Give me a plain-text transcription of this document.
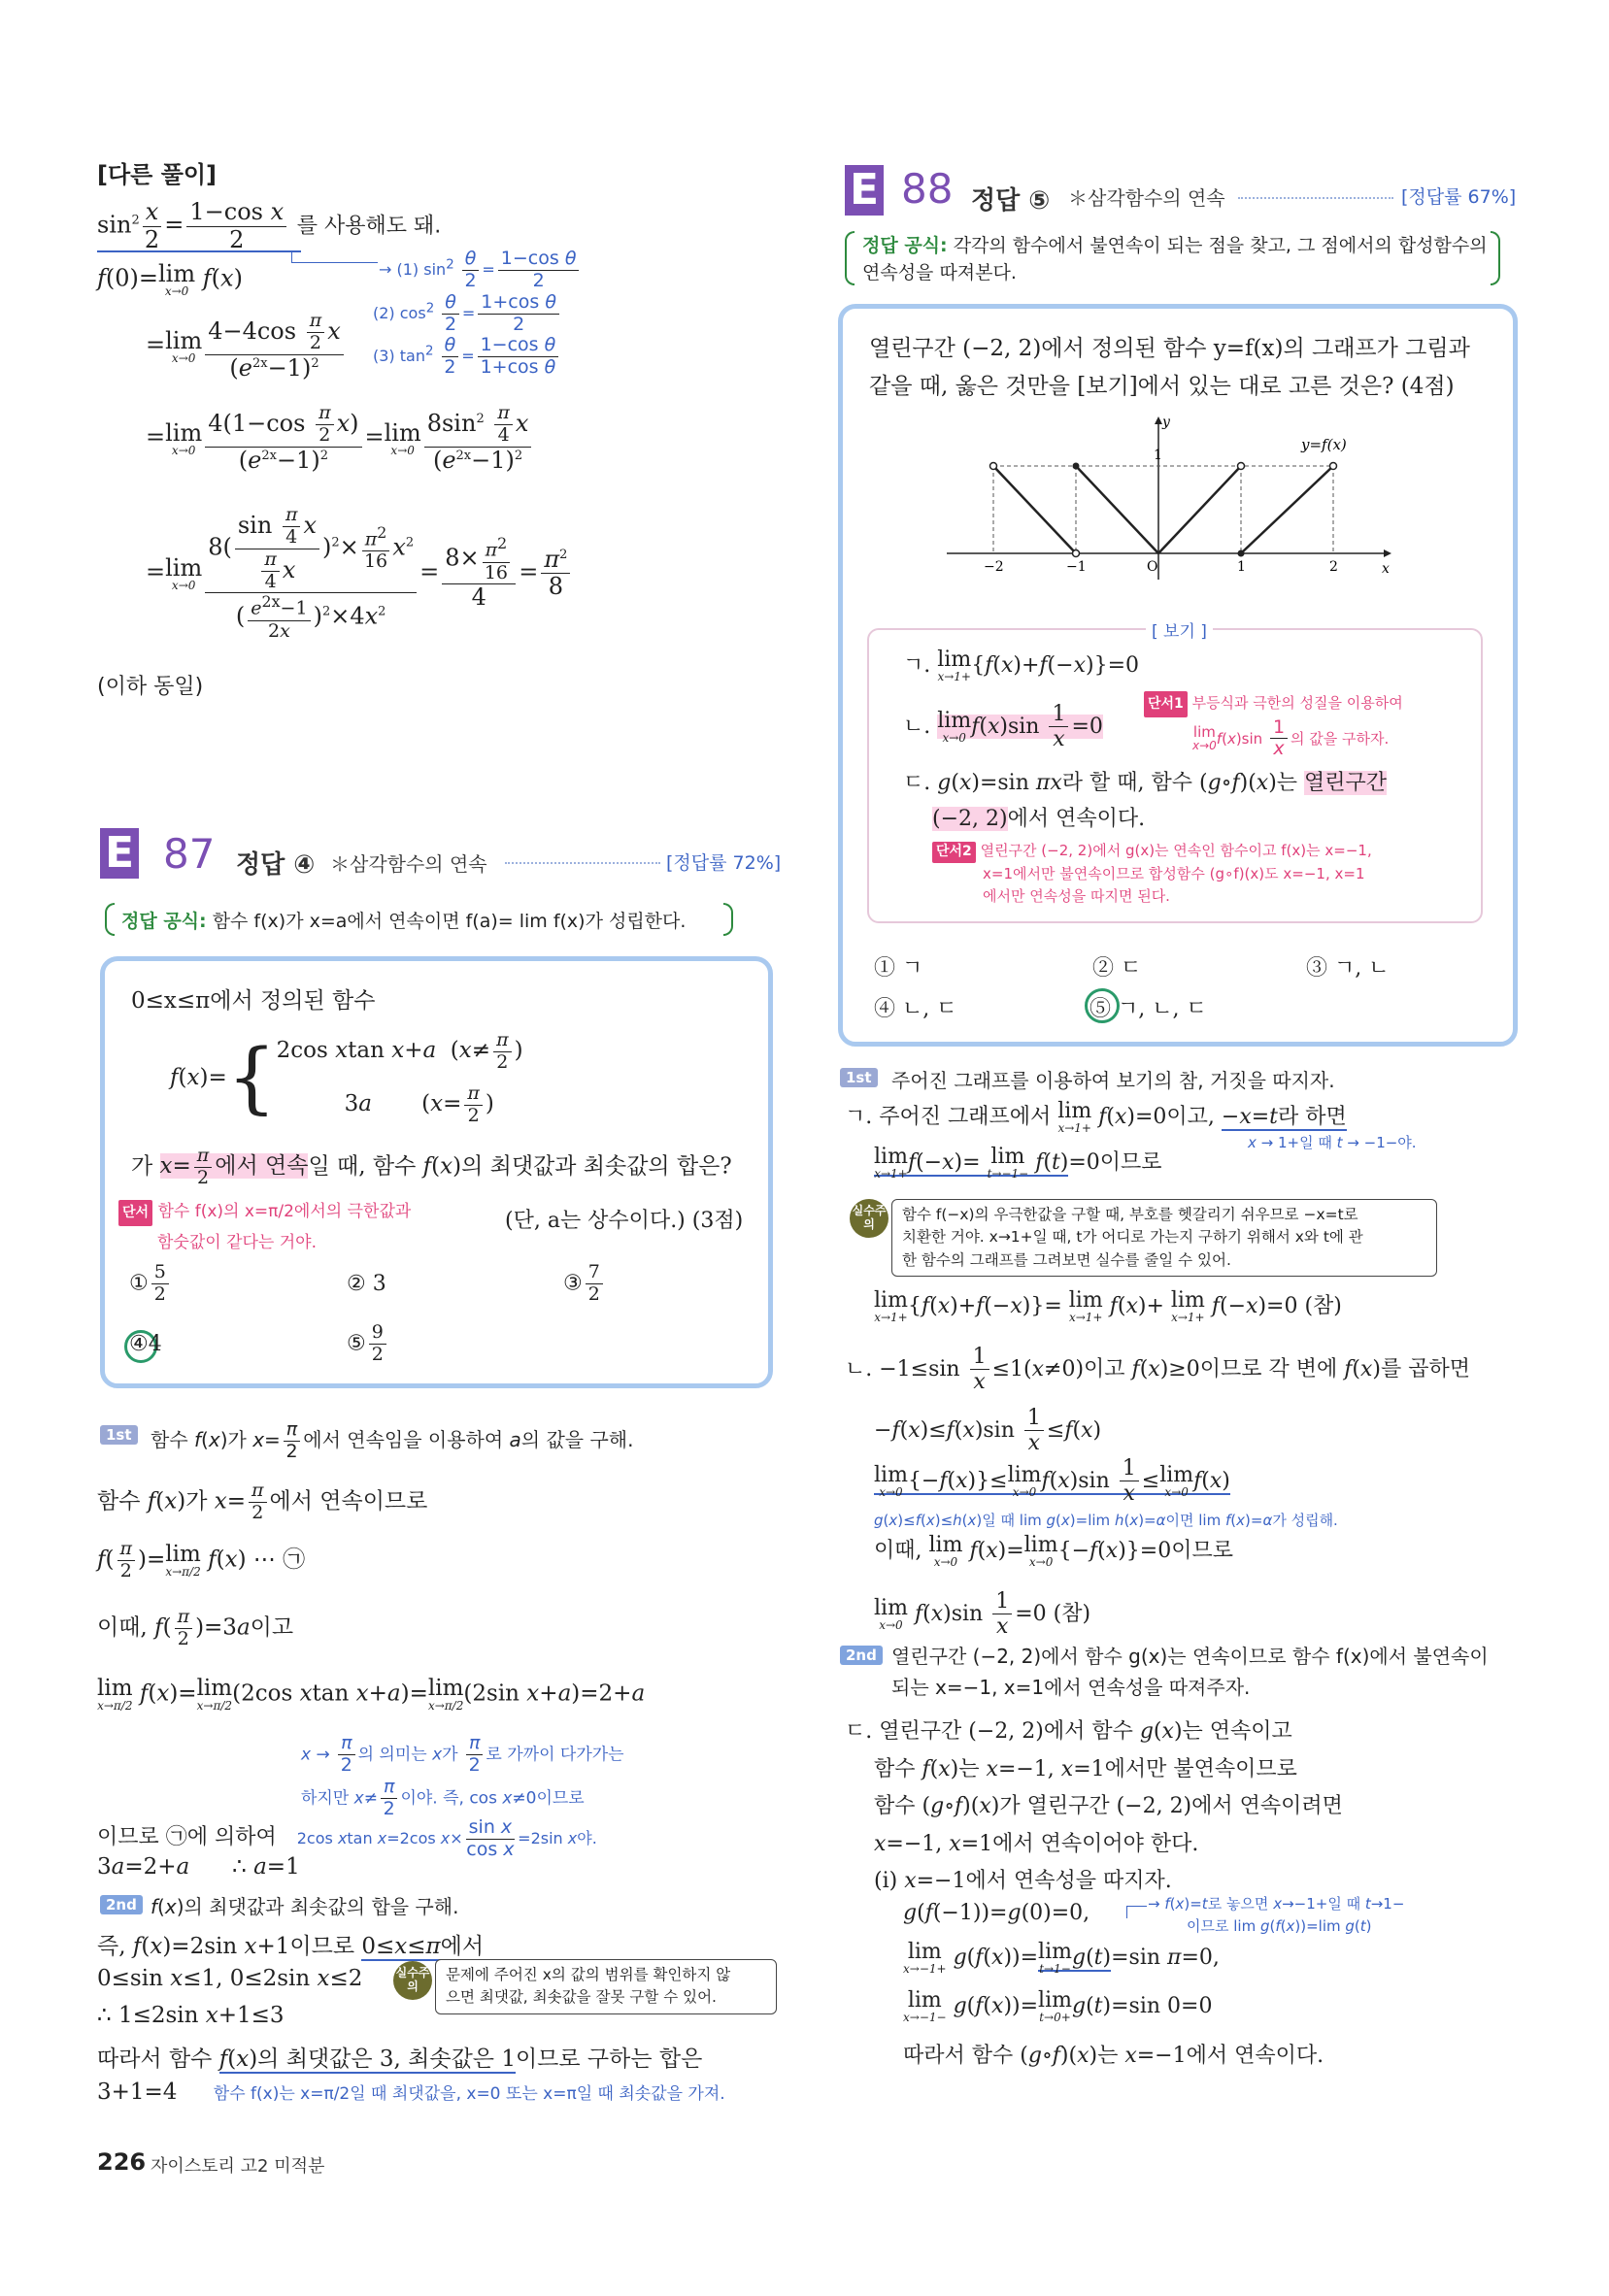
[다른 풀이]
$\sin^2 \frac{x}{2} = \frac{\text{1−cos x}}{2}$ 를 사용해도 돼.
→ (1) $\sin^2 \frac{\theta}{2} = \frac{\text{1−cos θ}}{2}$
(2) $\cos^2 \frac{\theta}{2} = \frac{\text{1+cos θ}}{2}$
(3) $\tan^2 \frac{\theta}{2} = \frac{\text{1−cos θ}}{\text{1+cos θ}}$
f(0)=lim
x→0 f(x)
=lim
$x\to 0 \frac{4-4\cos \frac{\pi}{2} x}{(e^{2x}-1)^2}$
=lim
$x\to 0 \frac{4(1-\cos \frac{\pi}{2} x)}{(e^{2x}-1)^2} =\lim$
$x\to 0 \frac{8\sin^2 \frac{\pi}{4} x}{(e^{2x}-1)^2}$
=lim
$x\to 0 \frac{8( \frac{\sin \frac{\pi}{4} x}{\frac{\pi}{4} x} )^2\times \frac{\pi^2}{16} x^2}{( \frac{e^{2x}-1}{2x} )^2\times 4x^2} = \frac{8\times \frac{\pi^2}{16}}{4} = \frac{\pi^2}{8}$
(이하 동일)
E 87 정답 ④ ＊삼각함수의 연속	[정답률 72%]
정답 공식: 함수 f(x)가 x=a에서 연속이면 f(a)= lim f(x)가 성립한다.
0≤x≤π에서 정의된 함수
f(x)={ 2cos xtan x+a  ($x\ne \frac{\pi}{2}$ )
3a       ($x= \frac{\pi}{2}$ )
가 $x= \frac{\pi}{2}$ 에서 연속일 때, 함수 f(x)의 최댓값과 최솟값의 합은?
단서 함수 f(x)의 x=π/2에서의 극한값과
함숫값이 같다는 거야.
(단, a는 상수이다.) (3점)
① $\frac{5}{2}$	② 3	③ $\frac{7}{2}$
④4	⑤ $\frac{9}{2}$
1st 함수 f(x)가 $x= \frac{\pi}{2}$ 에서 연속임을 이용하여 a의 값을 구해.
함수 f(x)가 $x= \frac{\pi}{2}$ 에서 연속이므로
$f( \frac{\pi}{2} )=\lim$
x→π/2 f(x) ⋯ ㉠
이때, $f( \frac{\pi}{2} )=3a$이고
lim
x→π/2 f(x)=lim
x→π/2 (2cos xtan x+a)=lim
x→π/2 (2sin x+a)=2+a
$x \to \frac{\pi}{2}$ 의 의미는 x가 $\frac{\pi}{2}$ 로 가까이 다가가는
하지만 $x\ne \frac{\pi}{2}$ 이야. 즉, cos x≠0이므로
이므로 ㉠에 의하여 2cos xtan x=2cos $x\times \frac{\text{sin x}}{\text{cos x}} =2\sin$ x야.
3a=2+a      ∴ a=1
2nd f(x)의 최댓값과 최솟값의 합을 구해.
즉, f(x)=2sin x+1이므로 0≤x≤π에서
0≤sin x≤1, 0≤2sin x≤2	실수주의
문제에 주어진 x의 값의 범위를 확인하지 않
으면 최댓값, 최솟값을 잘못 구할 수 있어.
∴ 1≤2sin x+1≤3
따라서 함수 f(x)의 최댓값은 3, 최솟값은 1이므로 구하는 합은
3+1=4 함수 f(x)는 x=π/2일 때 최댓값을, x=0 또는 x=π일 때 최솟값을 가져.
E 88 정답 ⑤ ＊삼각함수의 연속	[정답률 67%]
정답 공식: 각각의 함수에서 불연속이 되는 점을 찾고, 그 점에서의 합성함수의
연속성을 따져본다.
열린구간 (−2, 2)에서 정의된 함수 y=f(x)의 그래프가 그림과
같을 때, 옳은 것만을 [보기]에서 있는 대로 고른 것은? (4점)
y
x
y=f(x)
1
O
−2	−1	1	2
[ 보기 ]
ㄱ. lim
x→1+ {f(x)+f(−x)}=0
단서1 부등식과 극한의 성질을 이용하여
lim
x→0 $f(x)\sin \frac{1}{x}$ 의 값을 구하자.
ㄴ. lim
x→0 $f(x)\sin \frac{1}{x} =0$
ㄷ. g(x)=sin πx라 할 때, 함수 (g∘f)(x)는 열린구간
(−2, 2)에서 연속이다.
단서2 열린구간 (−2, 2)에서 g(x)는 연속인 함수이고 f(x)는 x=−1,
x=1에서만 불연속이므로 합성함수 (g∘f)(x)도 x=−1, x=1
에서만 연속성을 따지면 된다.
① ㄱ	② ㄷ	③ ㄱ, ㄴ
④ ㄴ, ㄷ	⑤ ㄱ, ㄴ, ㄷ
1st	주어진 그래프를 이용하여 보기의 참, 거짓을 따지자.
ㄱ. 주어진 그래프에서 lim
x→1+ f(x)=0이고, −x=t라 하면
x → 1+일 때 t → −1−야.
lim
x→1+ f(−x)= lim
t→−1− f(t)=0이므로
실수주의
함수 f(−x)의 우극한값을 구할 때, 부호를 헷갈리기 쉬우므로 −x=t로
치환한 거야. x→1+일 때, t가 어디로 가는지 구하기 위해서 x와 t에 관
한 함수의 그래프를 그려보면 실수를 줄일 수 있어.
lim
x→1+ {f(x)+f(−x)}= lim
x→1+ f(x)+ lim
x→1+ f(−x)=0 (참)
ㄴ. $-1\le\sin \frac{1}{x} \le 1(x\ne 0)$이고 f(x)≥0이므로 각 변에 f(x)를 곱하면
$-f(x)\le f(x)\sin \frac{1}{x} \le f(x)$
lim
x→0 {−f(x)}≤lim
x→0 $f(x)\sin \frac{1}{x} \le\lim$
x→0 f(x)
g(x)≤f(x)≤h(x)일 때 lim g(x)=lim h(x)=α이면 lim f(x)=α가 성립해.
이때, lim
x→0 f(x)=lim
x→0 {−f(x)}=0이므로
lim
x→0 $f(x)\sin \frac{1}{x} =0$ (참)
2nd 열린구간 (−2, 2)에서 함수 g(x)는 연속이므로 함수 f(x)에서 불연속이
되는 x=−1, x=1에서 연속성을 따져주자.
ㄷ. 열린구간 (−2, 2)에서 함수 g(x)는 연속이고
함수 f(x)는 x=−1, x=1에서만 불연속이므로
함수 (g∘f)(x)가 열린구간 (−2, 2)에서 연속이려면
x=−1, x=1에서 연속이어야 한다.
(i) x=−1에서 연속성을 따지자.
g(f(−1))=g(0)=0,	→ f(x)=t로 놓으면 x→−1+일 때 t→1−
이므로 lim g(f(x))=lim g(t)
lim
x→−1+ g(f(x))=lim
t→1− g(t)=sin π=0,
lim
x→−1− g(f(x))=lim
t→0+ g(t)=sin 0=0
따라서 함수 (g∘f)(x)는 x=−1에서 연속이다.
226 자이스토리 고2 미적분
